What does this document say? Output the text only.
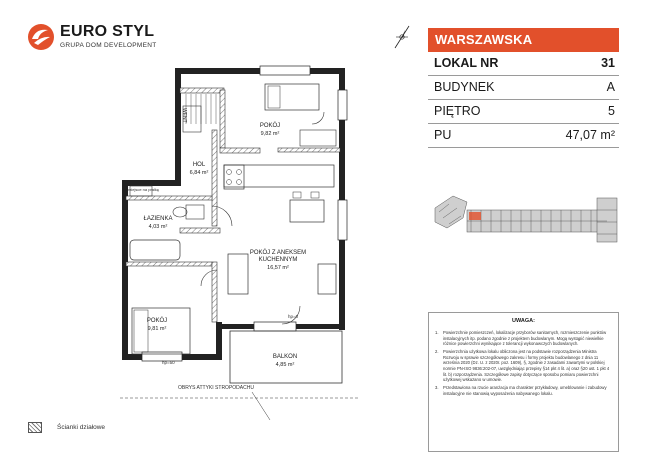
EURO STYL
GRUPA DOM DEVELOPMENT	WARSZAWSKA
LOKAL NR	31
BUDYNEK	A
PIĘTRO	5
PU	47,07 m²
POKÓJ
9,82 m²
HOL
6,84 m²
ŁAZIENKA
4,03 m²

POKÓJ Z ANEKSEM
KUCHENNYM

16,57 m²

POKÓJ
9,81 m²
BALKON
4,85 m²
WENT
miejsce na pralkę
hp=0
hp=50
OBRYS ATTYKI STROPODACHU
UWAGA:
1. Powierzchnie pomieszczeń, lokalizacje przyborów sanitarnych, rozmieszczenie punktów instalacyjnych itp. podano zgodnie z projektem budowlanym. Mogą wystąpić niewielkie różnice powierzchni wynikające z tolerancji wykonawczych budowlanych.
2. Powierzchnia użytkowa lokalu obliczona jest na podstawie rozporządzenia Ministra Rozwoju w sprawie szczegółowego zakresu i formy projektu budowlanego z dnia 11 września 2020 (Dz. U. z 2020r. poz. 1609), §, zgodnie z zasadami zawartymi w polskiej normie PN-ISO 9836:202-07, uwzględniając przepisy §14 pkt 4 lit. a) oraz §20 ust. 1 pkt 4 lit. b) rozporządzenia. Szczegółowe zapisy dotyczące sposobu pomiaru powierzchni użytkowej wskazano w umowie.
3. Przedstawiona na rzucie aranżacja ma charakter przykładowy, umeblowanie i zabudowy instalacyjne nie stanowią wyposażenia nabywanego lokalu.
Ścianki działowe
